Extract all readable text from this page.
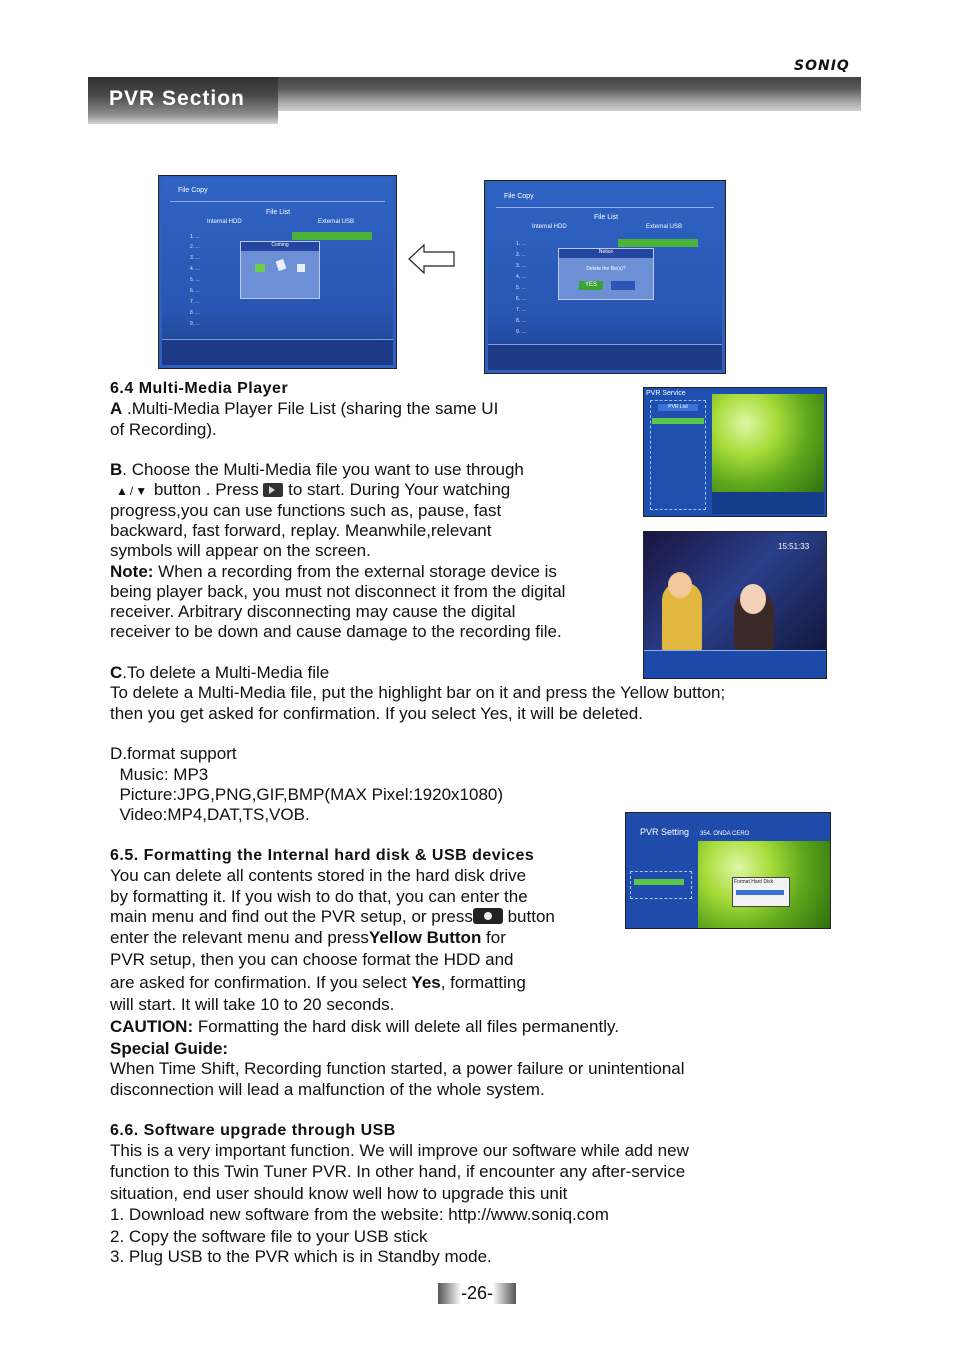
SONIQ
PVR Section
File Copy
File List
Internal HDD	External USB
1. ...
2. ...
3. ...
4. ...
5. ...
6. ...
7. ...
8. ...
9. ...
Coming
File Copy
File List
Internal HDD	External USB
1. ...
2. ...
3. ...
4. ...
5. ...
6. ...
7. ...
8. ...
9. ...
Notice
Delete the file(s)?
YES
PVR Service
PVR List
15:51:33
PVR Setting 354. ONDA CERO
Format Hard Disk
6.4 Multi-Media Player
A .Multi-Media Player File List (sharing the same UI
of Recording).
B. Choose the Multi-Media file you want to use through
▲/▼ button . Press  to start. During Your watching
progress,you can use functions such as, pause, fast
backward, fast forward, replay. Meanwhile,relevant
symbols will appear on the screen.
Note: When a recording from the external storage device is
being player back, you must not disconnect it from the digital
receiver. Arbitrary disconnecting may cause the digital
receiver to be down and cause damage to the recording file.
C.To delete a Multi-Media file
To delete a Multi-Media file, put the highlight bar on it and press the Yellow button;
then you get asked for confirmation. If you select Yes, it will be deleted.
D.format support
Music: MP3
Picture:JPG,PNG,GIF,BMP(MAX Pixel:1920x1080)
Video:MP4,DAT,TS,VOB.
6.5. Formatting the Internal hard disk & USB devices
You can delete all contents stored in the hard disk drive
by formatting it. If you wish to do that, you can enter the
main menu and find out the PVR setup, or press button
enter the relevant menu and pressYellow Button for
PVR setup, then you can choose format the HDD and
are asked for confirmation. If you select Yes, formatting
will start. It will take 10 to 20 seconds.
CAUTION: Formatting the hard disk will delete all files permanently.
Special Guide:
When Time Shift, Recording function started, a power failure or unintentional
disconnection will lead a malfunction of the whole system.
6.6. Software upgrade through USB
This is a very important function. We will improve our software while add new
function to this Twin Tuner PVR. In other hand, if encounter any after-service
situation, end user should know well how to upgrade this unit
1. Download new software from the website: http://www.soniq.com
2. Copy the software file to your USB stick
3. Plug USB to the PVR which is in Standby mode.
-26-
